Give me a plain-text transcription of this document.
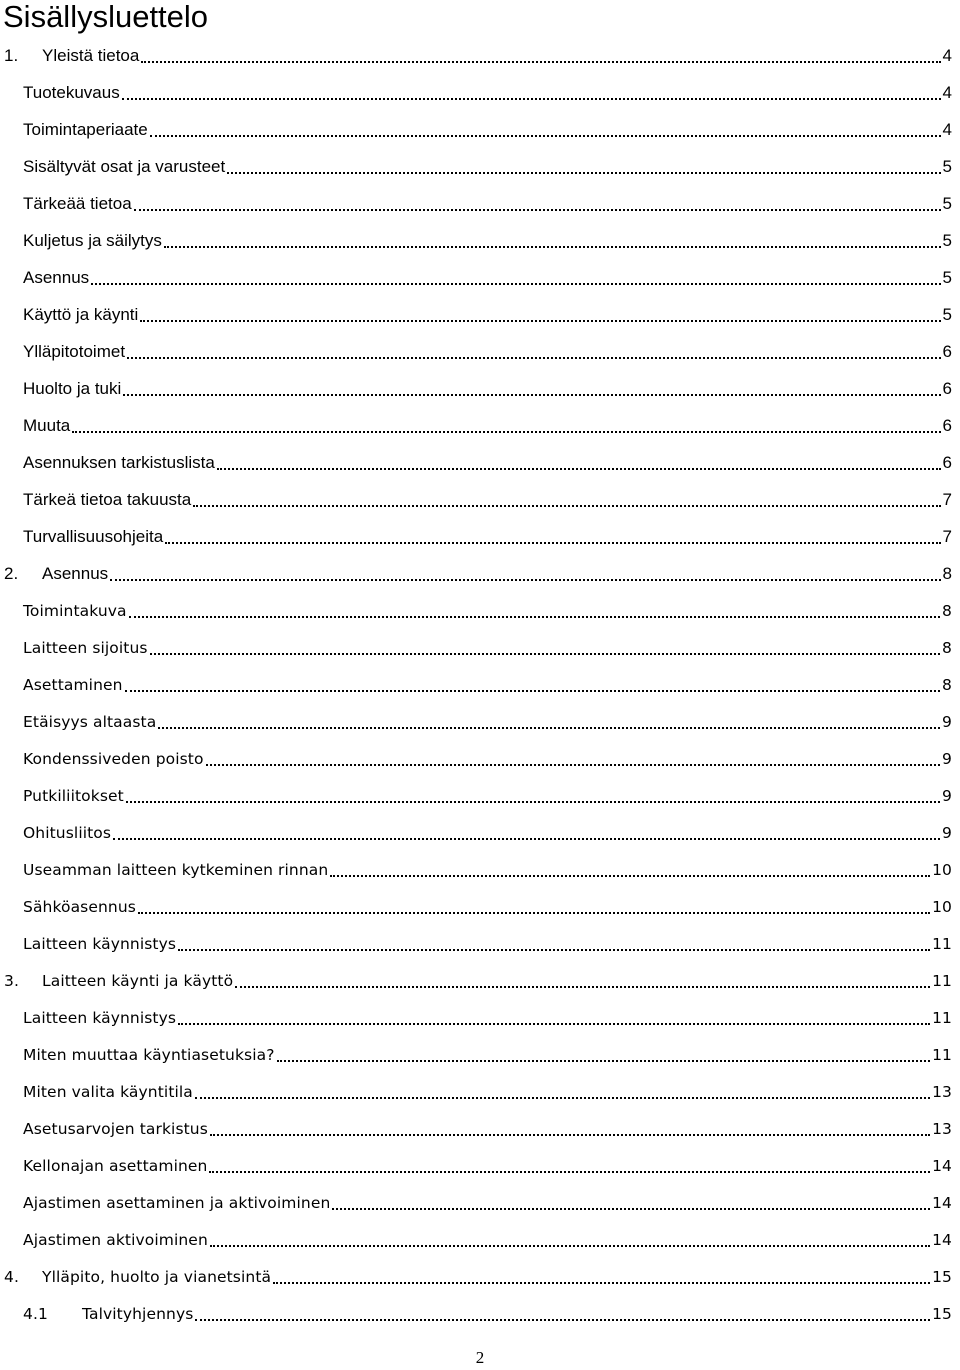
Sisällysluettelo
1.	Yleistä tietoa	4
Tuotekuvaus	4
Toimintaperiaate	4
Sisältyvät osat ja varusteet	5
Tärkeää tietoa	5
Kuljetus ja säilytys	5
Asennus	5
Käyttö ja käynti	5
Ylläpitotoimet	6
Huolto ja tuki	6
Muuta	6
Asennuksen tarkistuslista	6
Tärkeä tietoa takuusta	7
Turvallisuusohjeita	7
2.	Asennus	8
Toimintakuva	8
Laitteen sijoitus	8
Asettaminen	8
Etäisyys altaasta	9
Kondenssiveden poisto	9
Putkiliitokset	9
Ohitusliitos	9
Useamman laitteen kytkeminen rinnan	10
Sähköasennus	10
Laitteen käynnistys	11
3.	Laitteen käynti ja käyttö	11
Laitteen käynnistys	11
Miten muuttaa käyntiasetuksia?	11
Miten valita käyntitila	13
Asetusarvojen tarkistus	13
Kellonajan asettaminen	14
Ajastimen asettaminen ja aktivoiminen	14
Ajastimen aktivoiminen	14
4.	Ylläpito, huolto ja vianetsintä	15
4.1	Talvityhjennys	15
2
